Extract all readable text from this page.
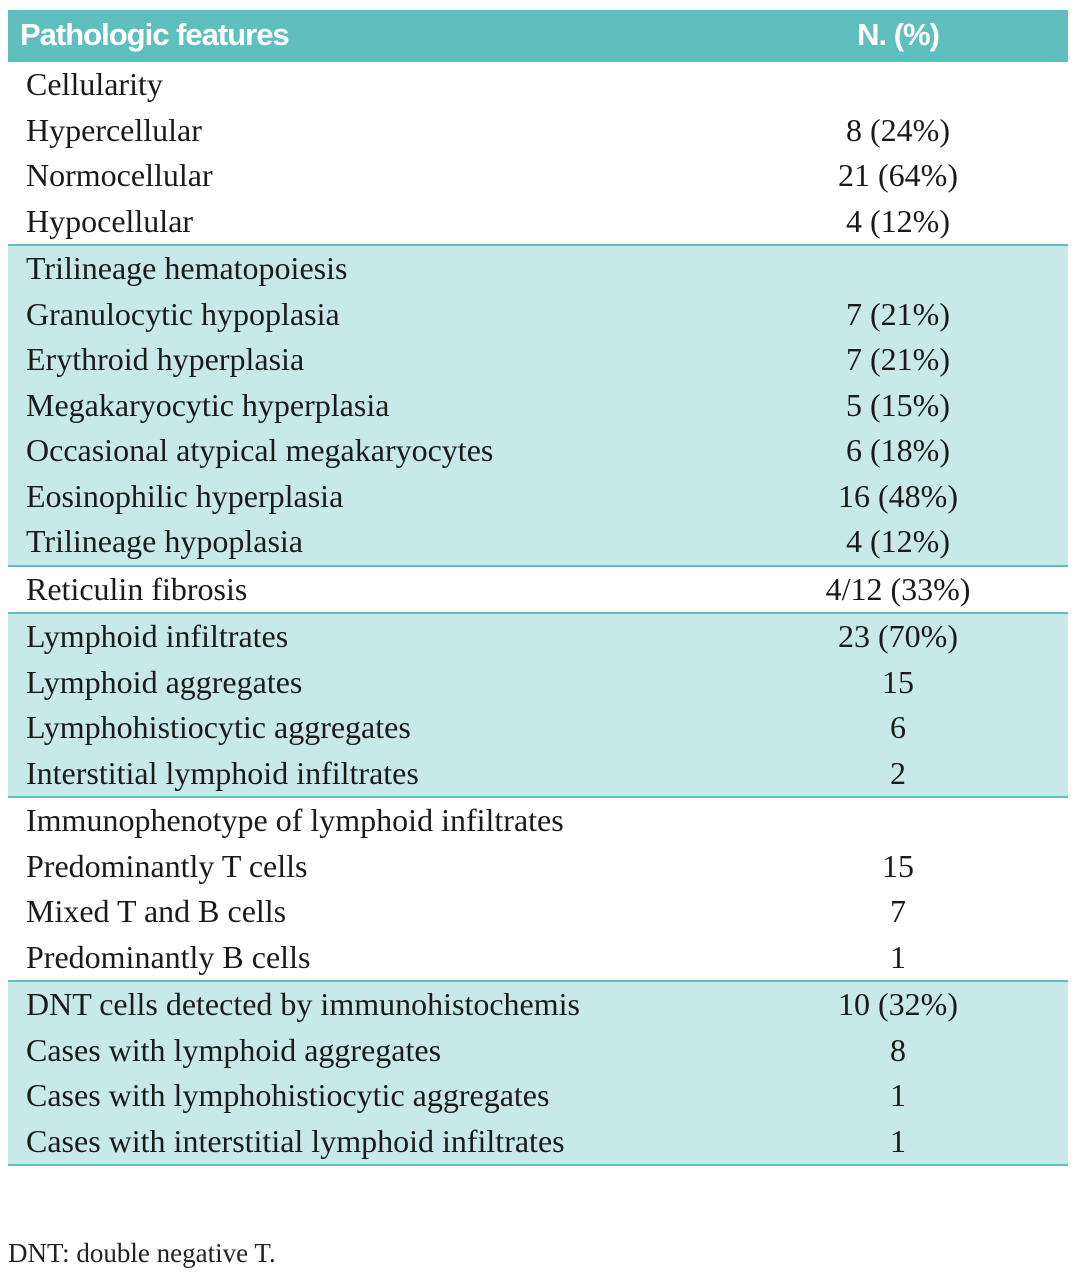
Pathologic features	N. (%)
Cellularity
Hypercellular	8 (24%)
Normocellular	21 (64%)
Hypocellular	4 (12%)
Trilineage hematopoiesis
Granulocytic hypoplasia	7 (21%)
Erythroid hyperplasia	7 (21%)
Megakaryocytic hyperplasia	5 (15%)
Occasional atypical megakaryocytes	6 (18%)
Eosinophilic hyperplasia	16 (48%)
Trilineage hypoplasia	4 (12%)
Reticulin fibrosis	4/12 (33%)
Lymphoid infiltrates	23 (70%)
Lymphoid aggregates	15
Lymphohistiocytic aggregates	6
Interstitial lymphoid infiltrates	2
Immunophenotype of lymphoid infiltrates
Predominantly T cells	15
Mixed T and B cells	7
Predominantly B cells	1
DNT cells detected by immunohistochemis	10 (32%)
Cases with lymphoid aggregates	8
Cases with lymphohistiocytic aggregates	1
Cases with interstitial lymphoid infiltrates	1
DNT: double negative T.
